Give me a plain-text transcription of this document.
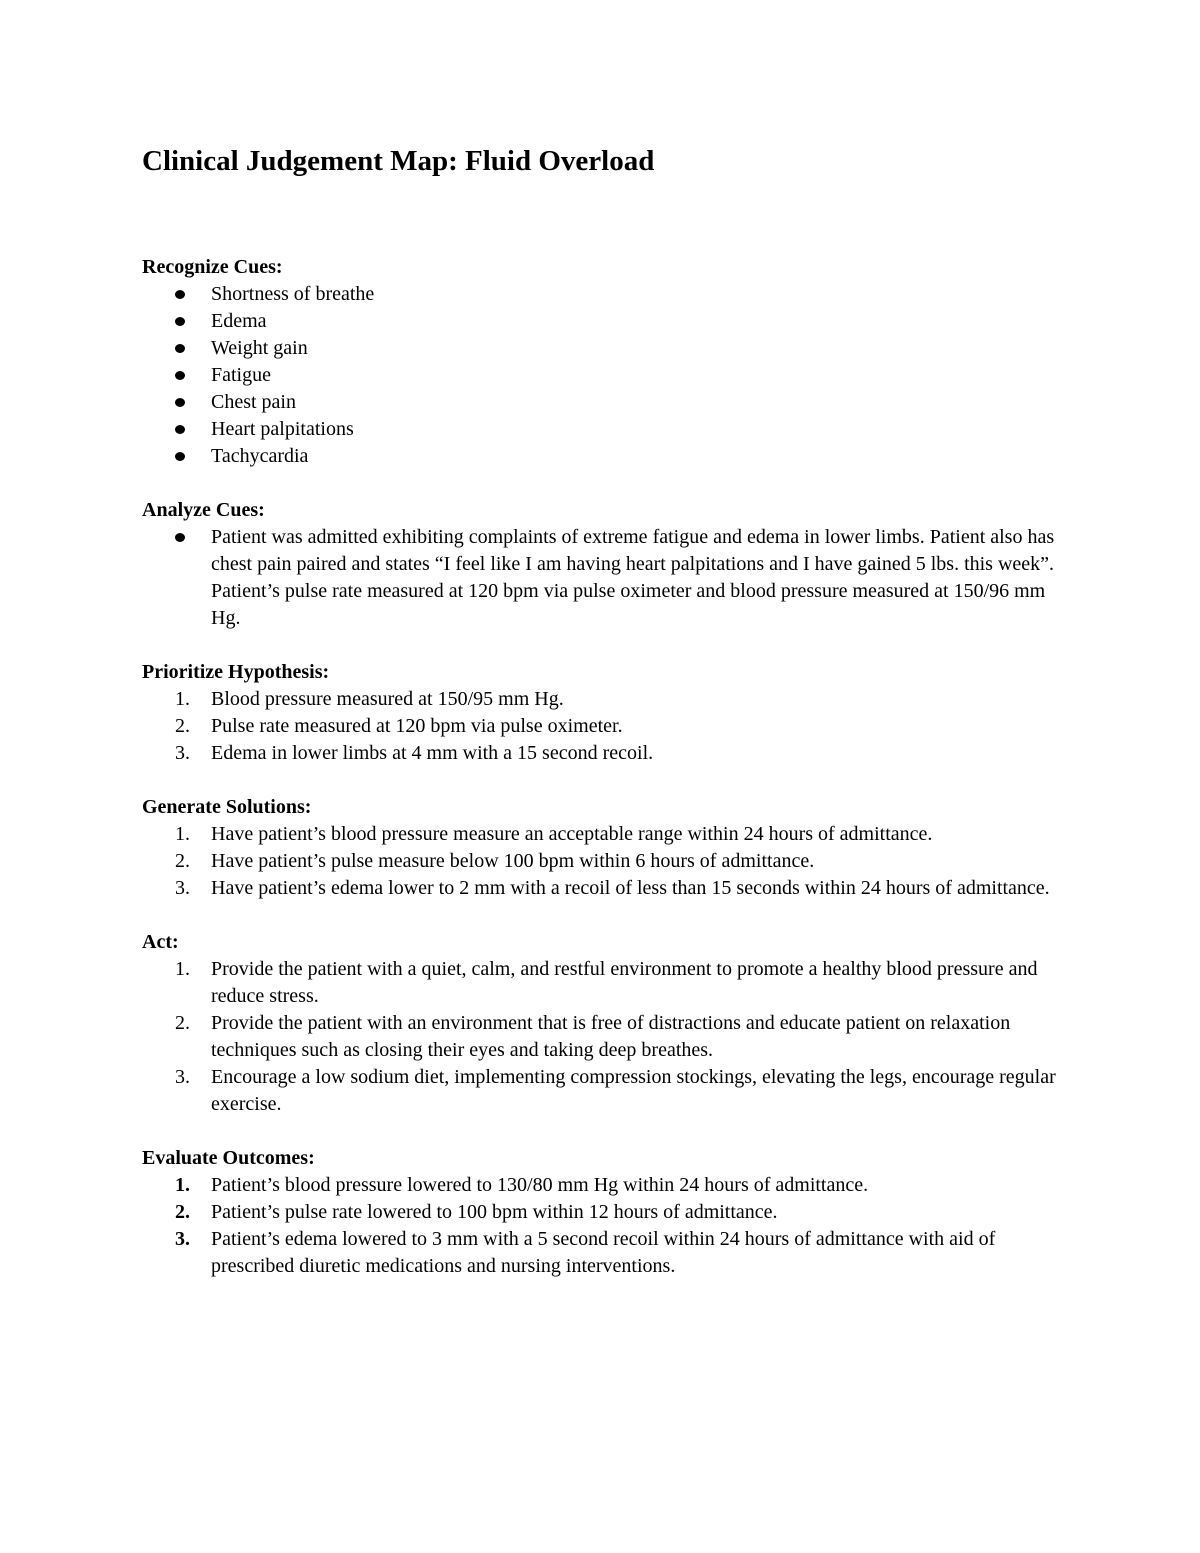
Clinical Judgement Map: Fluid Overload
Recognize Cues:
Shortness of breathe
Edema
Weight gain
Fatigue
Chest pain
Heart palpitations
Tachycardia
Analyze Cues:
Patient was admitted exhibiting complaints of extreme fatigue and edema in lower limbs. Patient also has chest pain paired and states “I feel like I am having heart palpitations and I have gained 5 lbs. this week”. Patient’s pulse rate measured at 120 bpm via pulse oximeter and blood pressure measured at 150/96 mm Hg.
Prioritize Hypothesis:
1. Blood pressure measured at 150/95 mm Hg.
2. Pulse rate measured at 120 bpm via pulse oximeter.
3. Edema in lower limbs at 4 mm with a 15 second recoil.
Generate Solutions:
1. Have patient’s blood pressure measure an acceptable range within 24 hours of admittance.
2. Have patient’s pulse measure below 100 bpm within 6 hours of admittance.
3. Have patient’s edema lower to 2 mm with a recoil of less than 15 seconds within 24 hours of admittance.
Act:
1. Provide the patient with a quiet, calm, and restful environment to promote a healthy blood pressure and reduce stress.
2. Provide the patient with an environment that is free of distractions and educate patient on relaxation techniques such as closing their eyes and taking deep breathes.
3. Encourage a low sodium diet, implementing compression stockings, elevating the legs, encourage regular exercise.
Evaluate Outcomes:
1. Patient’s blood pressure lowered to 130/80 mm Hg within 24 hours of admittance.
2. Patient’s pulse rate lowered to 100 bpm within 12 hours of admittance.
3. Patient’s edema lowered to 3 mm with a 5 second recoil within 24 hours of admittance with aid of prescribed diuretic medications and nursing interventions.
